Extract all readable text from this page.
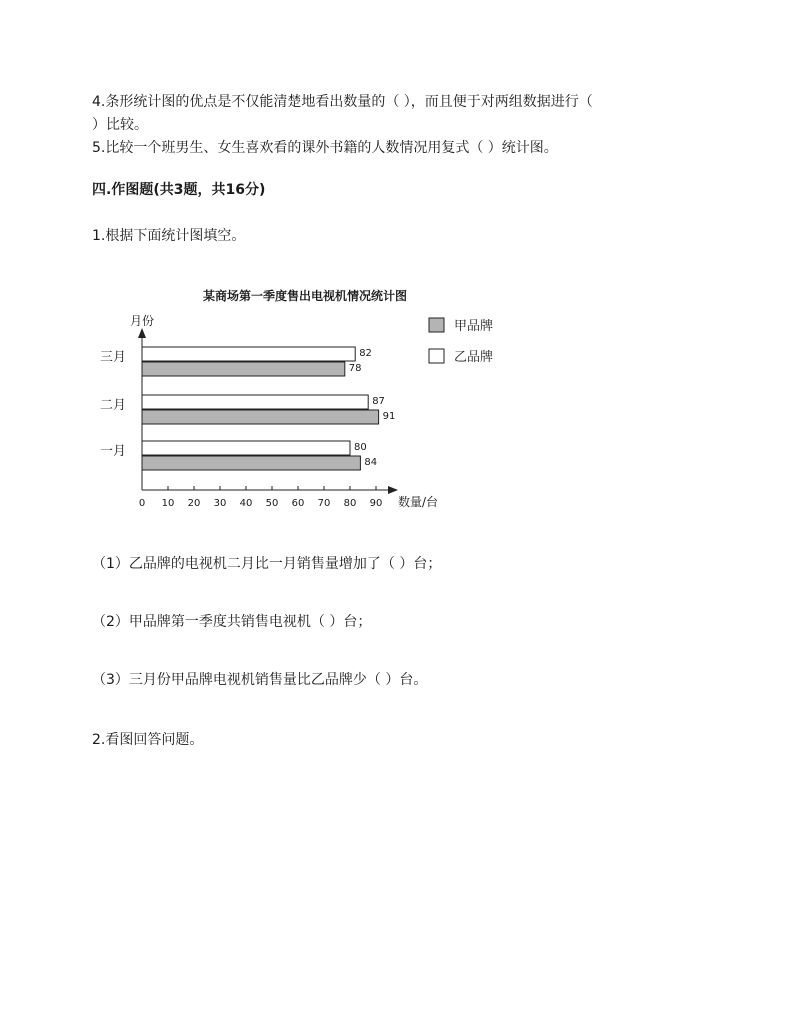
4.条形统计图的优点是不仅能清楚地看出数量的（ ），而且便于对两组数据进行（
）比较。
5.比较一个班男生、女生喜欢看的课外书籍的人数情况用复式（ ）统计图。
四.作图题(共3题，共16分)
1.根据下面统计图填空。
某商场第一季度售出电视机情况统计图
月份
数量/台
0 10 20 30 40 50 60 70 80 90
一月	80
84
二月	87
91
三月	82
78
甲品牌
乙品牌
（1）乙品牌的电视机二月比一月销售量增加了（ ）台；
（2）甲品牌第一季度共销售电视机（ ）台；
（3）三月份甲品牌电视机销售量比乙品牌少（ ）台。
2.看图回答问题。
